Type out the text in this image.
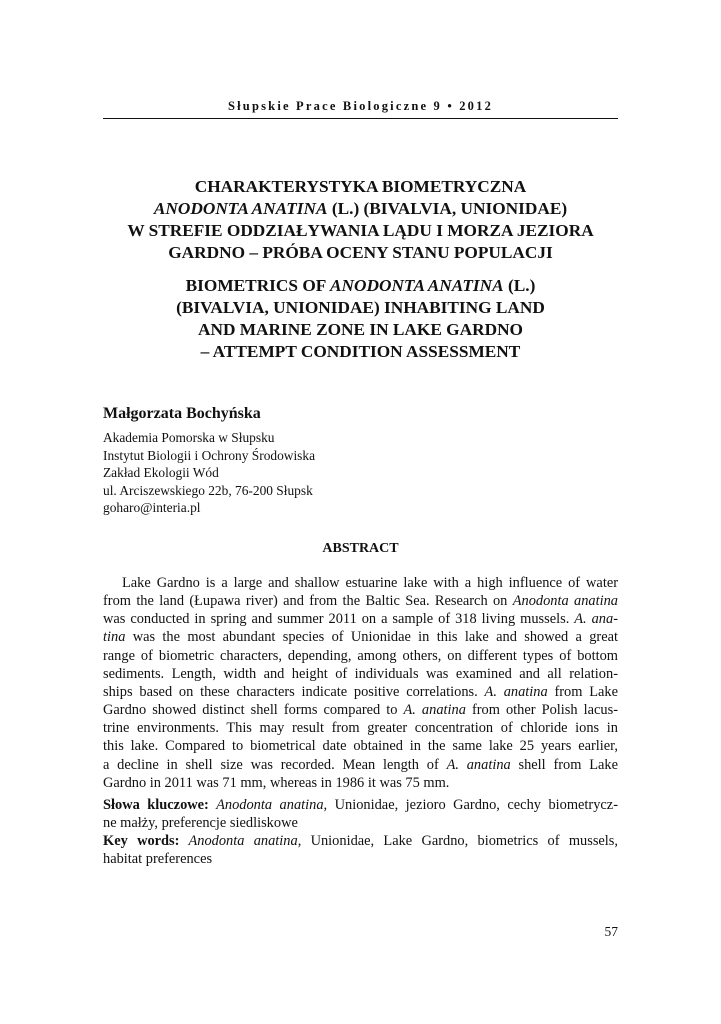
Słupskie Prace Biologiczne 9 • 2012
CHARAKTERYSTYKA BIOMETRYCZNA
ANODONTA ANATINA (L.) (BIVALVIA, UNIONIDAE)
W STREFIE ODDZIAŁYWANIA LĄDU I MORZA JEZIORA
GARDNO – PRÓBA OCENY STANU POPULACJI
BIOMETRICS OF ANODONTA ANATINA (L.)
(BIVALVIA, UNIONIDAE) INHABITING LAND
AND MARINE ZONE IN LAKE GARDNO
– ATTEMPT CONDITION ASSESSMENT
Małgorzata Bochyńska
Akademia Pomorska w Słupsku
Instytut Biologii i Ochrony Środowiska
Zakład Ekologii Wód
ul. Arciszewskiego 22b, 76-200 Słupsk
goharo@interia.pl
ABSTRACT
Lake Gardno is a large and shallow estuarine lake with a high influence of water
from the land (Łupawa river) and from the Baltic Sea. Research on Anodonta anatina
was conducted in spring and summer 2011 on a sample of 318 living mussels. A. ana-
tina was the most abundant species of Unionidae in this lake and showed a great
range of biometric characters, depending, among others, on different types of bottom
sediments. Length, width and height of individuals was examined and all relation-
ships based on these characters indicate positive correlations. A. anatina from Lake
Gardno showed distinct shell forms compared to A. anatina from other Polish lacus-
trine environments. This may result from greater concentration of chloride ions in
this lake. Compared to biometrical date obtained in the same lake 25 years earlier,
a decline in shell size was recorded. Mean length of A. anatina shell from Lake
Gardno in 2011 was 71 mm, whereas in 1986 it was 75 mm.
Słowa kluczowe: Anodonta anatina, Unionidae, jezioro Gardno, cechy biometrycz-
ne małży, preferencje siedliskowe
Key words: Anodonta anatina, Unionidae, Lake Gardno, biometrics of mussels,
habitat preferences
57
